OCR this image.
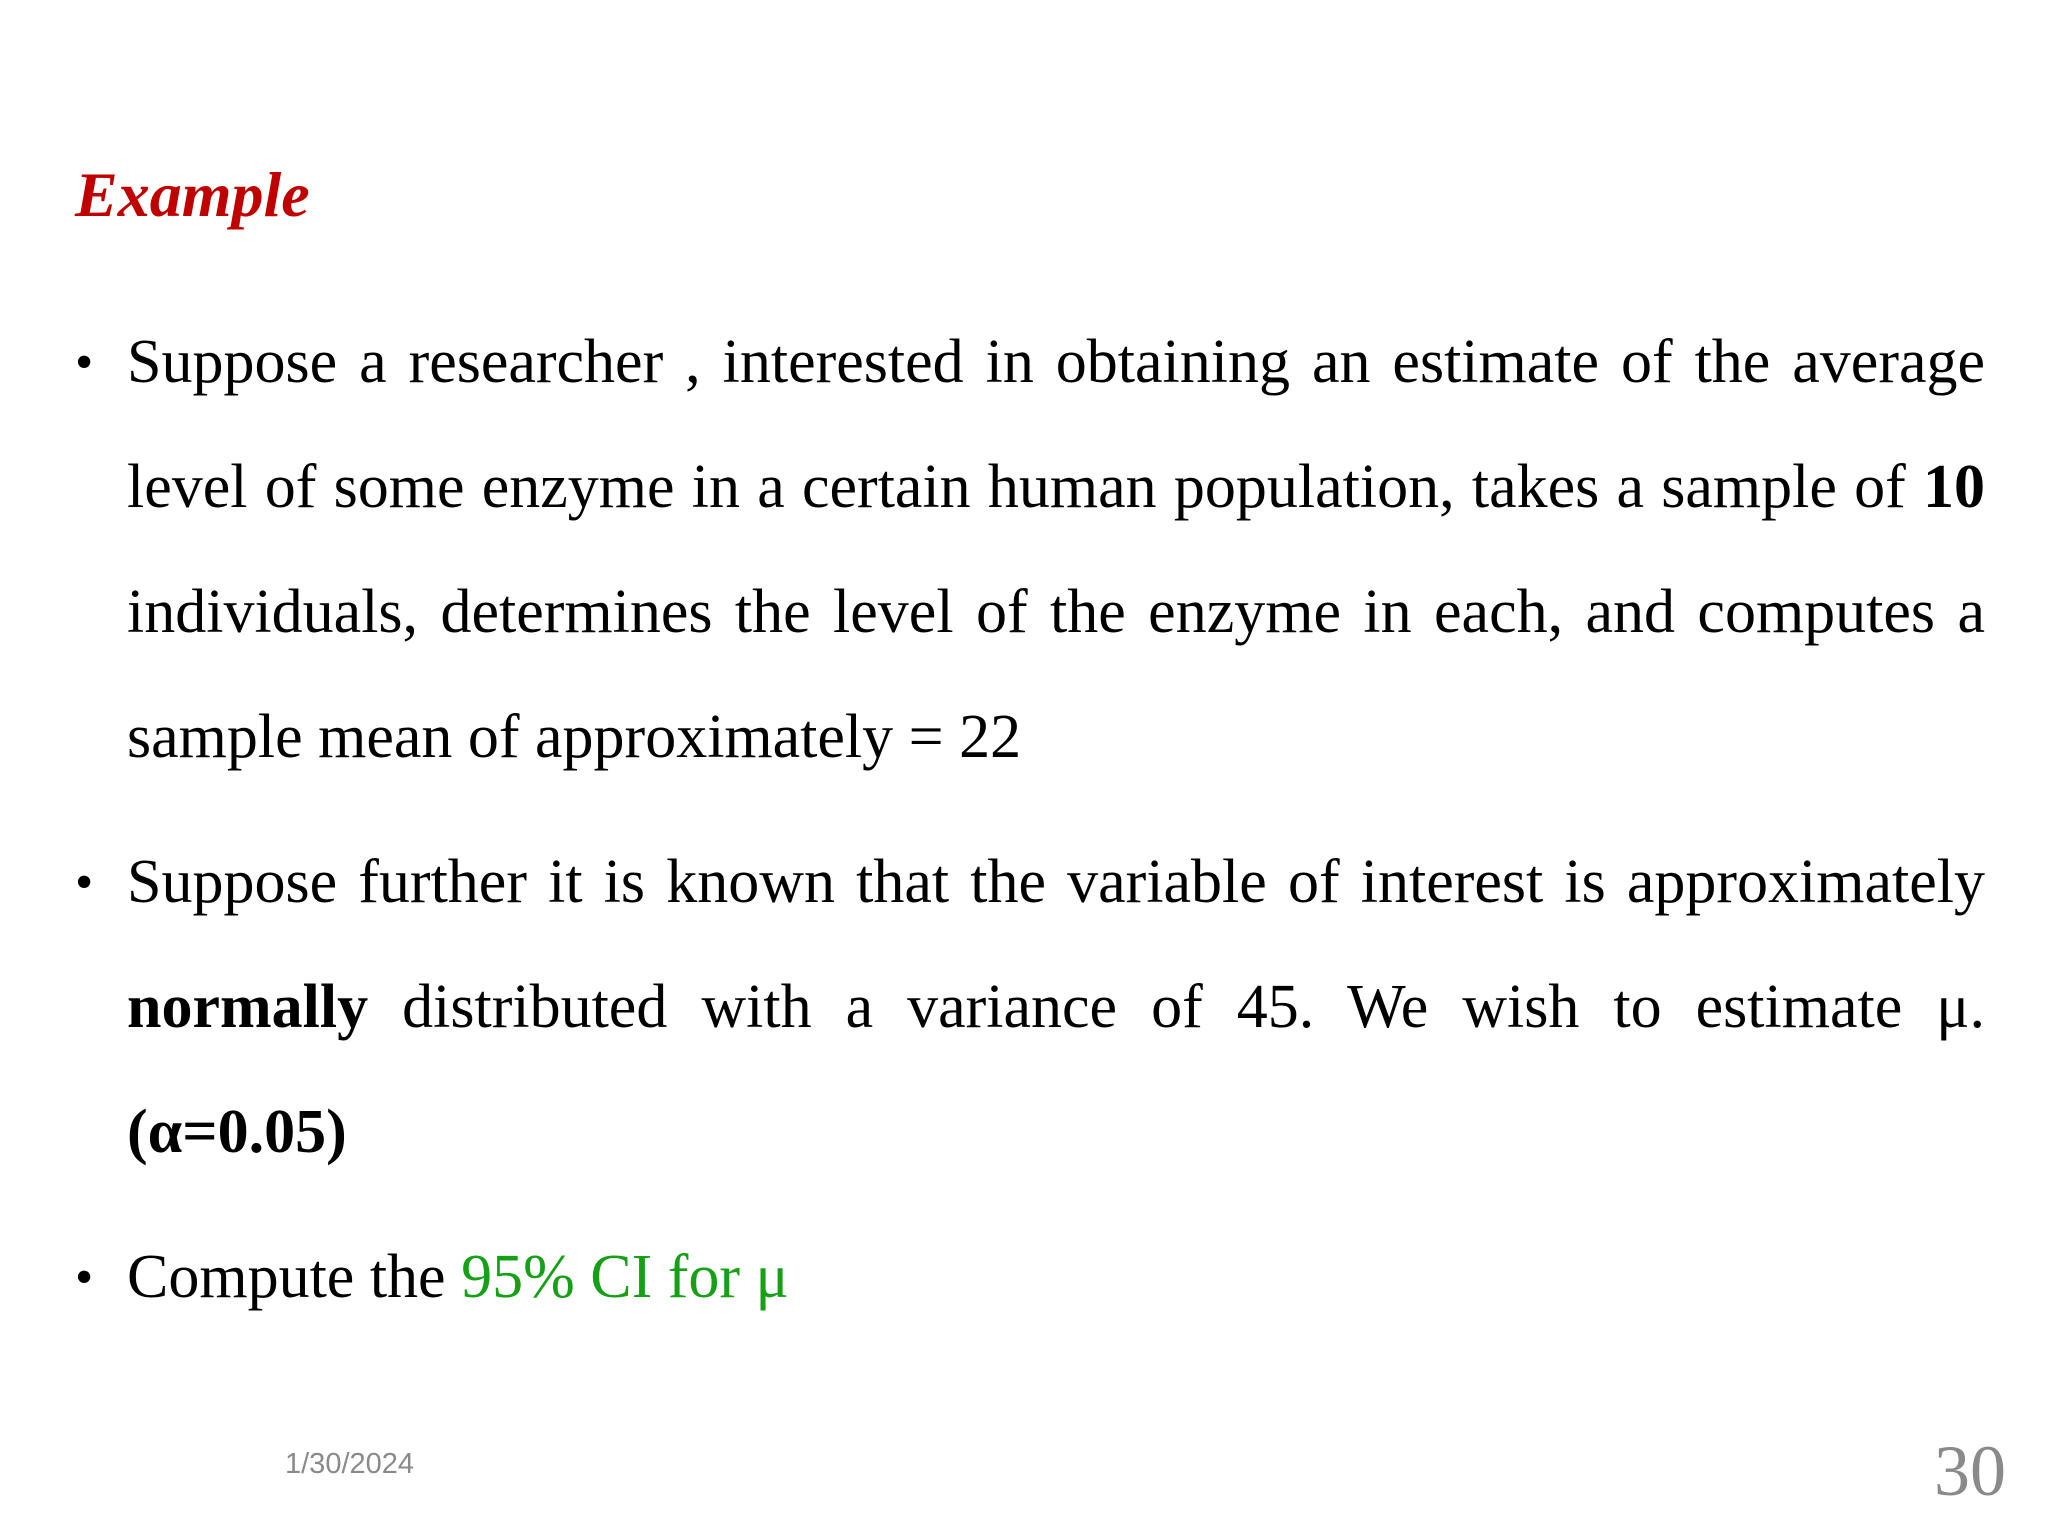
Example
• Suppose a researcher , interested in obtaining an estimate of the average level of some enzyme in a certain human population, takes a sample of 10 individuals, determines the level of the enzyme in each, and computes a sample mean of approximately = 22
• Suppose further it is known that the variable of interest is approximately normally distributed with a variance of 45. We wish to estimate μ. (α=0.05)
• Compute the 95% CI for μ
1/30/2024	30
